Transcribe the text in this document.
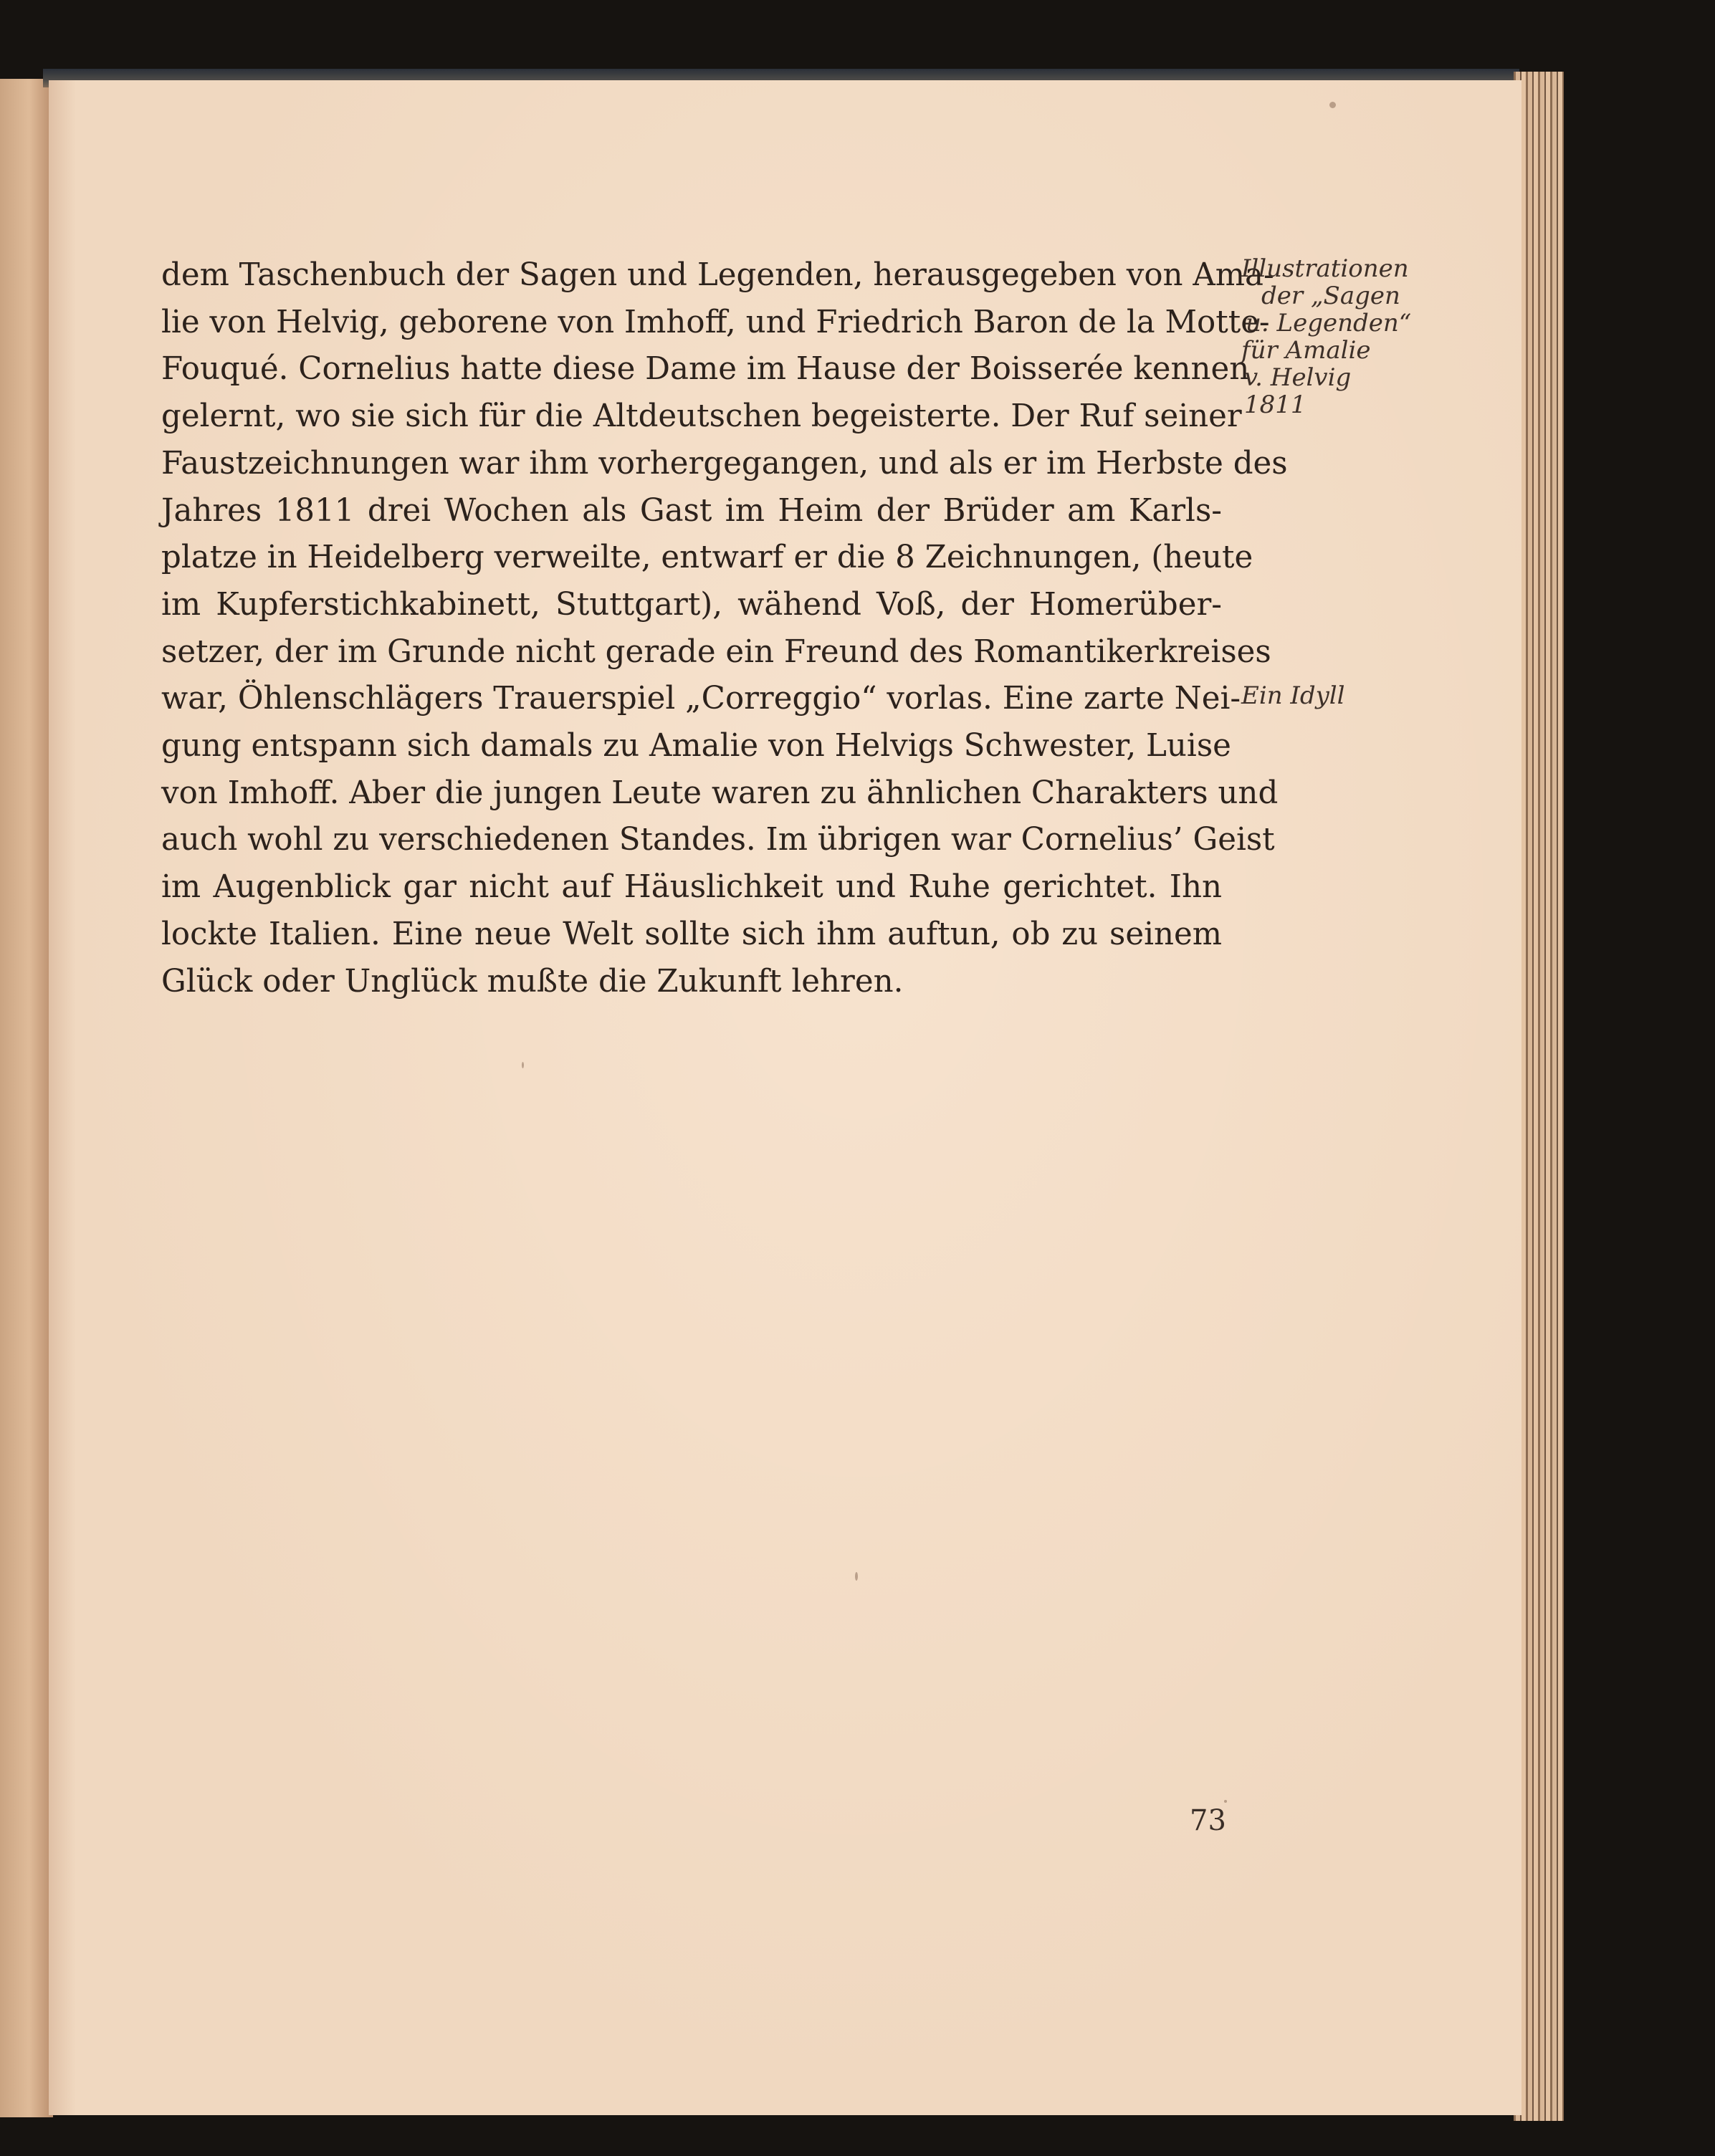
dem Taschenbuch der Sagen und Legenden, herausgegeben von Ama-
lie von Helvig, geborene von Imhoff, und Friedrich Baron de la Motte-
Fouqué. Cornelius hatte diese Dame im Hause der Boisserée kennen
gelernt, wo sie sich für die Altdeutschen begeisterte. Der Ruf seiner
Faustzeichnungen war ihm vorhergegangen, und als er im Herbste des
Jahres 1811 drei Wochen als Gast im Heim der Brüder am Karls-
platze in Heidelberg verweilte, entwarf er die 8 Zeichnungen, (heute
im Kupferstichkabinett, Stuttgart), wähend Voß, der Homerüber-
setzer, der im Grunde nicht gerade ein Freund des Romantikerkreises
war, Öhlenschlägers Trauerspiel „Correggio“ vorlas. Eine zarte Nei-
gung entspann sich damals zu Amalie von Helvigs Schwester, Luise
von Imhoff. Aber die jungen Leute waren zu ähnlichen Charakters und
auch wohl zu verschiedenen Standes. Im übrigen war Cornelius’ Geist
im Augenblick gar nicht auf Häuslichkeit und Ruhe gerichtet. Ihn
lockte Italien. Eine neue Welt sollte sich ihm auftun, ob zu seinem
Glück oder Unglück mußte die Zukunft lehren.
Illustrationen
der „Sagen
u. Legenden“
für Amalie
v. Helvig
1811
Ein Idyll
73
